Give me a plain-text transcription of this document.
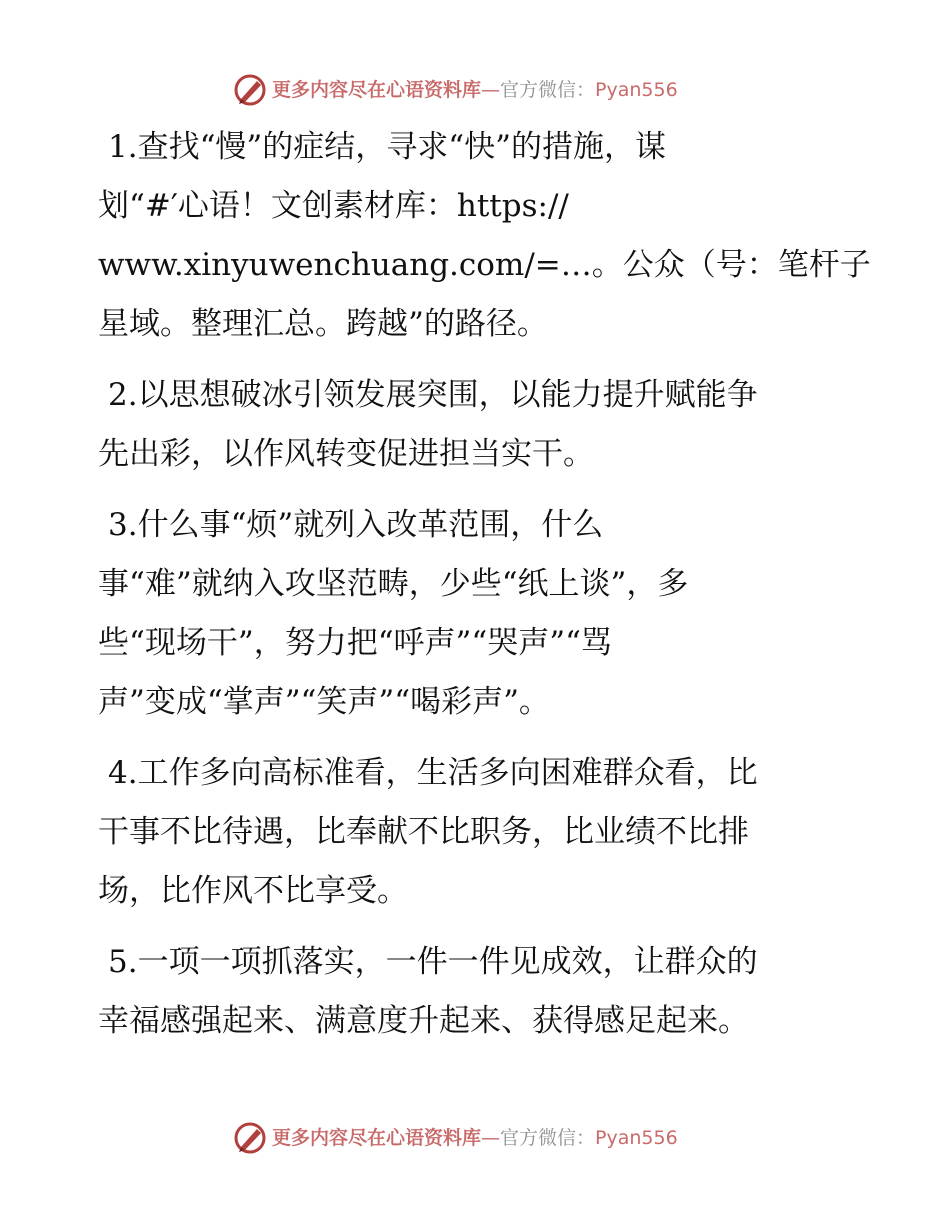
更多内容尽在心语资料库 — 官方微信 ： Pyan556
1.查找“慢”的症结，寻求“快”的措施，谋
划“#′心语！文创素材库：https://
www.xinyuwenchuang.com/=…。公众（号：笔杆子
星域。整理汇总。跨越”的路径。
2.以思想破冰引领发展突围，以能力提升赋能争
先出彩，以作风转变促进担当实干。
3.什么事“烦”就列入改革范围，什么
事“难”就纳入攻坚范畴，少些“纸上谈”，多
些“现场干”，努力把“呼声”“哭声”“骂
声”变成“掌声”“笑声”“喝彩声”。
4.工作多向高标准看，生活多向困难群众看，比
干事不比待遇，比奉献不比职务，比业绩不比排
场，比作风不比享受。
5.一项一项抓落实，一件一件见成效，让群众的
幸福感强起来、满意度升起来、获得感足起来。
更多内容尽在心语资料库 — 官方微信 ： Pyan556
